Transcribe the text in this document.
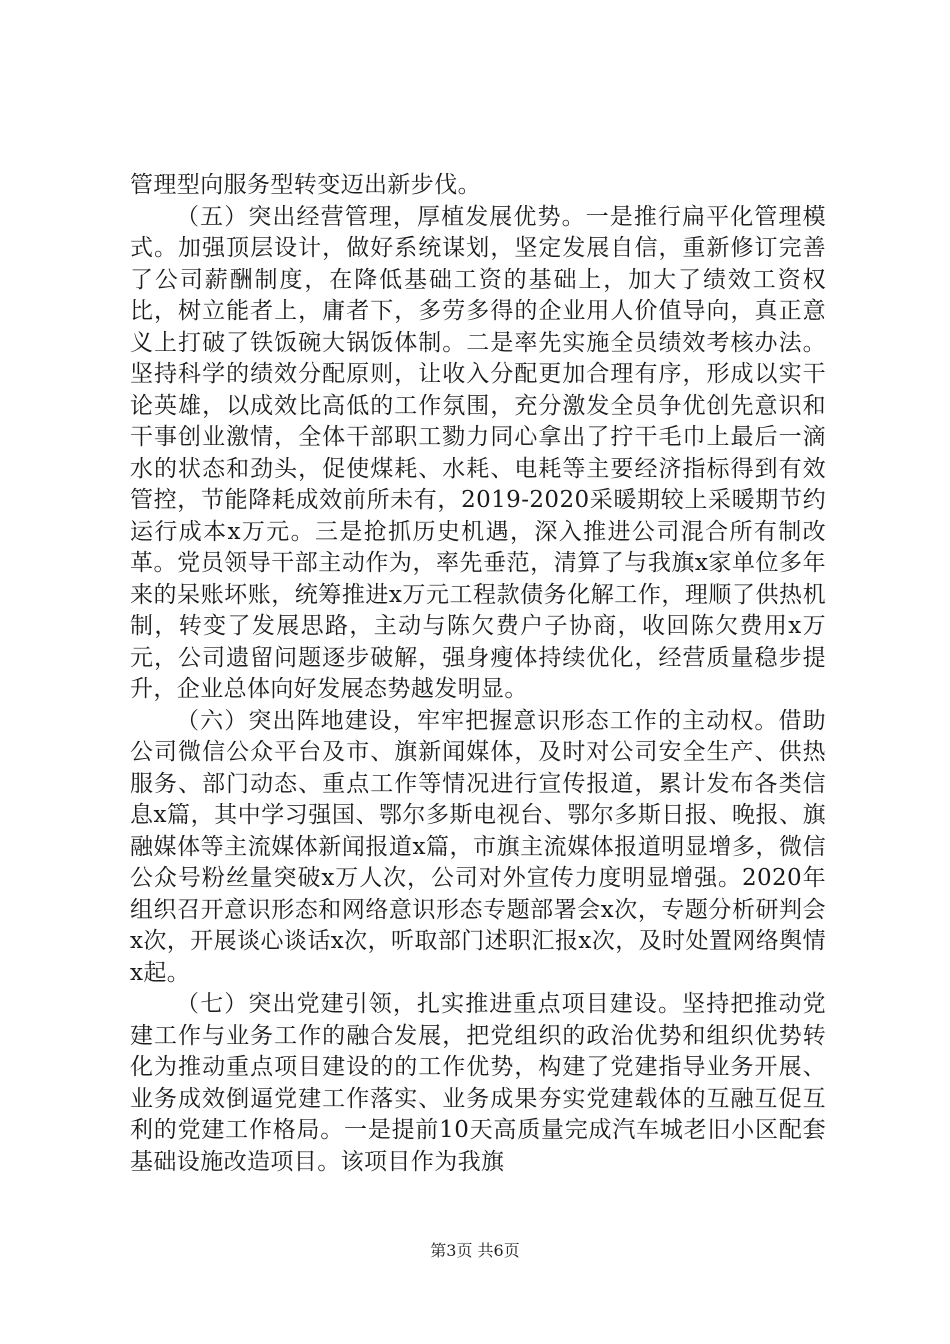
管理型向服务型转变迈出新步伐。

（五）突出经营管理，厚植发展优势。一是推行扁平化管理模式。加强顶层设计，做好系统谋划，坚定发展自信，重新修订完善了公司薪酬制度，在降低基础工资的基础上，加大了绩效工资权比，树立能者上，庸者下，多劳多得的企业用人价值导向，真正意义上打破了铁饭碗大锅饭体制。二是率先实施全员绩效考核办法。坚持科学的绩效分配原则，让收入分配更加合理有序，形成以实干论英雄，以成效比高低的工作氛围，充分激发全员争优创先意识和干事创业激情，全体干部职工勠力同心拿出了拧干毛巾上最后一滴水的状态和劲头，促使煤耗、水耗、电耗等主要经济指标得到有效管控，节能降耗成效前所未有，2019-2020采暖期较上采暖期节约运行成本x万元。三是抢抓历史机遇，深入推进公司混合所有制改革。党员领导干部主动作为，率先垂范，清算了与我旗x家单位多年来的呆账坏账，统筹推进x万元工程款债务化解工作，理顺了供热机制，转变了发展思路，主动与陈欠费户子协商，收回陈欠费用x万元，公司遗留问题逐步破解，强身瘦体持续优化，经营质量稳步提升，企业总体向好发展态势越发明显。

（六）突出阵地建设，牢牢把握意识形态工作的主动权。借助公司微信公众平台及市、旗新闻媒体，及时对公司安全生产、供热服务、部门动态、重点工作等情况进行宣传报道，累计发布各类信息x篇，其中学习强国、鄂尔多斯电视台、鄂尔多斯日报、晚报、旗融媒体等主流媒体新闻报道x篇，市旗主流媒体报道明显增多，微信公众号粉丝量突破x万人次，公司对外宣传力度明显增强。2020年组织召开意识形态和网络意识形态专题部署会x次，专题分析研判会x次，开展谈心谈话x次，听取部门述职汇报x次，及时处置网络舆情x起。

（七）突出党建引领，扎实推进重点项目建设。坚持把推动党建工作与业务工作的融合发展，把党组织的政治优势和组织优势转化为推动重点项目建设的的工作优势，构建了党建指导业务开展、业务成效倒逼党建工作落实、业务成果夯实党建载体的互融互促互利的党建工作格局。一是提前10天高质量完成汽车城老旧小区配套基础设施改造项目。该项目作为我旗

第3页 共6页
